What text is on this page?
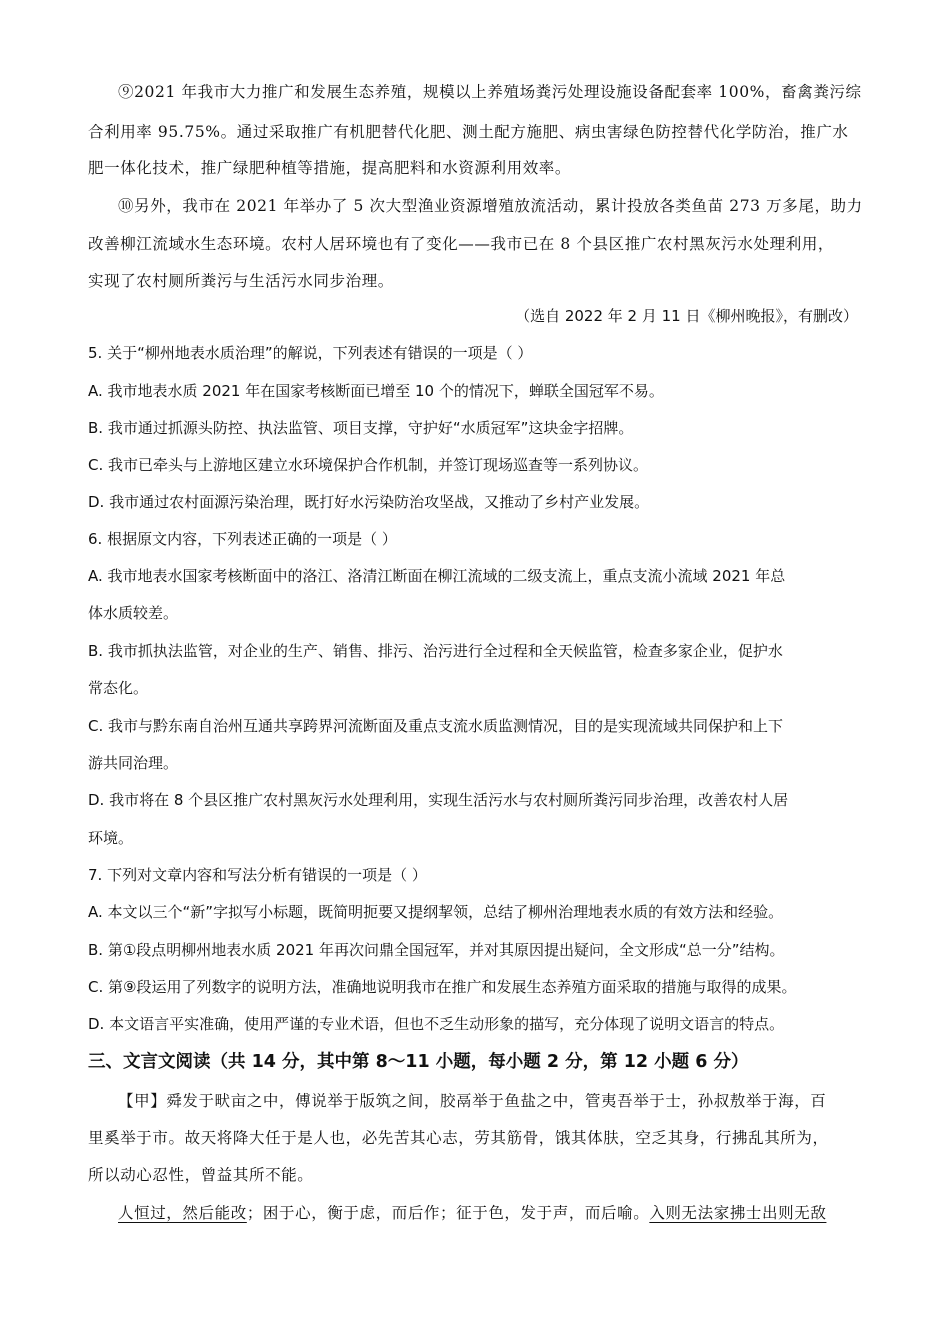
⑨2021 年我市大力推广和发展生态养殖，规模以上养殖场粪污处理设施设备配套率 100%，畜禽粪污综
合利用率 95.75%。通过采取推广有机肥替代化肥、测土配方施肥、病虫害绿色防控替代化学防治，推广水
肥一体化技术，推广绿肥种植等措施，提高肥料和水资源利用效率。
⑩另外，我市在 2021 年举办了 5 次大型渔业资源增殖放流活动，累计投放各类鱼苗 273 万多尾，助力
改善柳江流域水生态环境。农村人居环境也有了变化——我市已在 8 个县区推广农村黑灰污水处理利用，
实现了农村厕所粪污与生活污水同步治理。
（选自 2022 年 2 月 11 日《柳州晚报》，有删改）
5. 关于“柳州地表水质治理”的解说，下列表述有错误的一项是（ ）
A. 我市地表水质 2021 年在国家考核断面已增至 10 个的情况下，蝉联全国冠军不易。
B. 我市通过抓源头防控、执法监管、项目支撑，守护好“水质冠军”这块金字招牌。
C. 我市已牵头与上游地区建立水环境保护合作机制，并签订现场巡查等一系列协议。
D. 我市通过农村面源污染治理，既打好水污染防治攻坚战，又推动了乡村产业发展。
6. 根据原文内容，下列表述正确的一项是（ ）
A. 我市地表水国家考核断面中的洛江、洛清江断面在柳江流域的二级支流上，重点支流小流域 2021 年总
体水质较差。
B. 我市抓执法监管，对企业的生产、销售、排污、治污进行全过程和全天候监管，检查多家企业，促护水
常态化。
C. 我市与黔东南自治州互通共享跨界河流断面及重点支流水质监测情况，目的是实现流域共同保护和上下
游共同治理。
D. 我市将在 8 个县区推广农村黑灰污水处理利用，实现生活污水与农村厕所粪污同步治理，改善农村人居
环境。
7. 下列对文章内容和写法分析有错误的一项是（ ）
A. 本文以三个“新”字拟写小标题，既简明扼要又提纲挈领，总结了柳州治理地表水质的有效方法和经验。
B. 第①段点明柳州地表水质 2021 年再次问鼎全国冠军，并对其原因提出疑问，全文形成“总一分”结构。
C. 第⑨段运用了列数字的说明方法，准确地说明我市在推广和发展生态养殖方面采取的措施与取得的成果。
D. 本文语言平实准确，使用严谨的专业术语，但也不乏生动形象的描写，充分体现了说明文语言的特点。
三、文言文阅读（共 14 分，其中第 8～11 小题，每小题 2 分，第 12 小题 6 分）
【甲】舜发于畎亩之中，傅说举于版筑之间，胶鬲举于鱼盐之中，管夷吾举于士，孙叔敖举于海，百
里奚举于市。故天将降大任于是人也，必先苦其心志，劳其筋骨，饿其体肤，空乏其身，行拂乱其所为，
所以动心忍性，曾益其所不能。
人恒过，然后能改；困于心，衡于虑，而后作；征于色，发于声，而后喻。入则无法家拂士出则无敌
